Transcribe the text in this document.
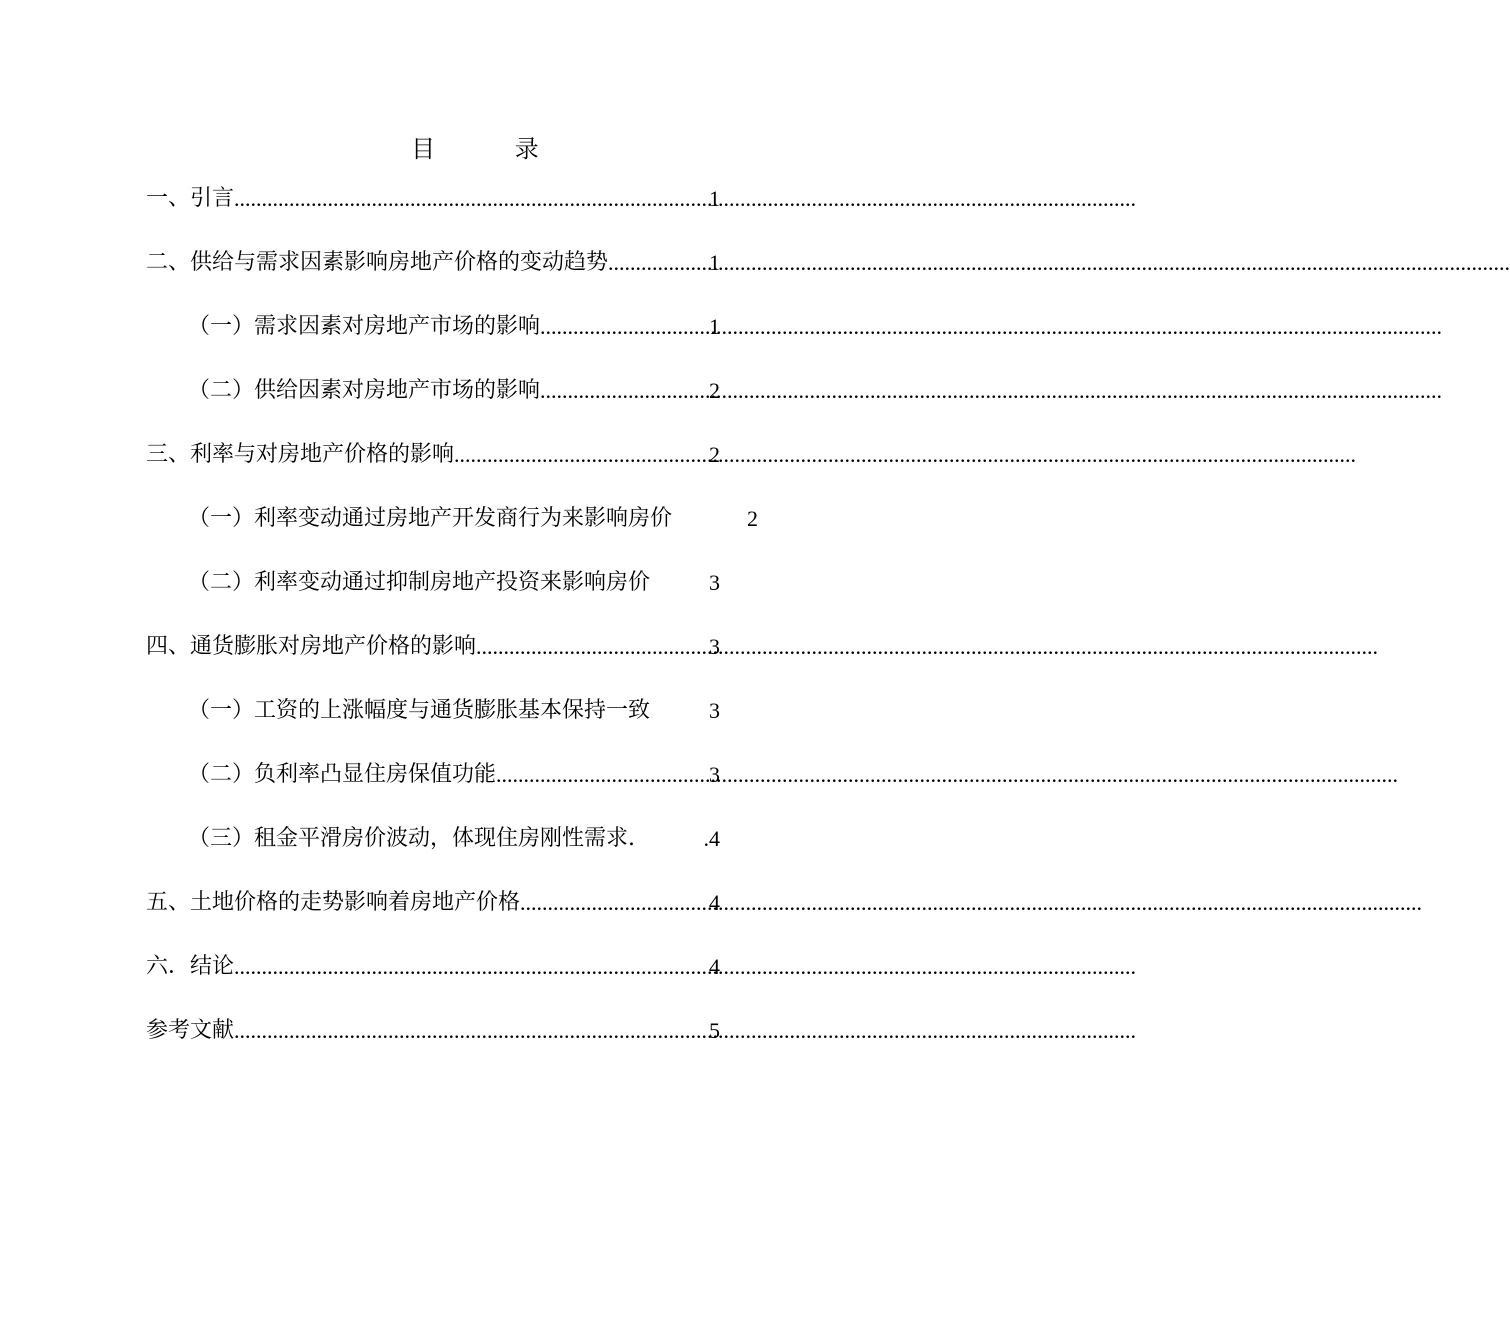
目 录
一、引言 .....	1
二、供给与需求因素影响房地产价格的变动趋势 .....	1
（一）需求因素对房地产市场的影响 .....	1
（二）供给因素对房地产市场的影响 .....	2
三、利率与对房地产价格的影响 .....	2
（一）利率变动通过房地产开发商行为来影响房价	2
（二）利率变动通过抑制房地产投资来影响房价	3
四、通货膨胀对房地产价格的影响 .....	3
（一）工资的上涨幅度与通货膨胀基本保持一致	3
（二）负利率凸显住房保值功能 .....	3
（三）租金平滑房价波动，体现住房刚性需求.	.4
五、土地价格的走势影响着房地产价格 .....	4
六．结论 .....	4
参考文献 .....	5
